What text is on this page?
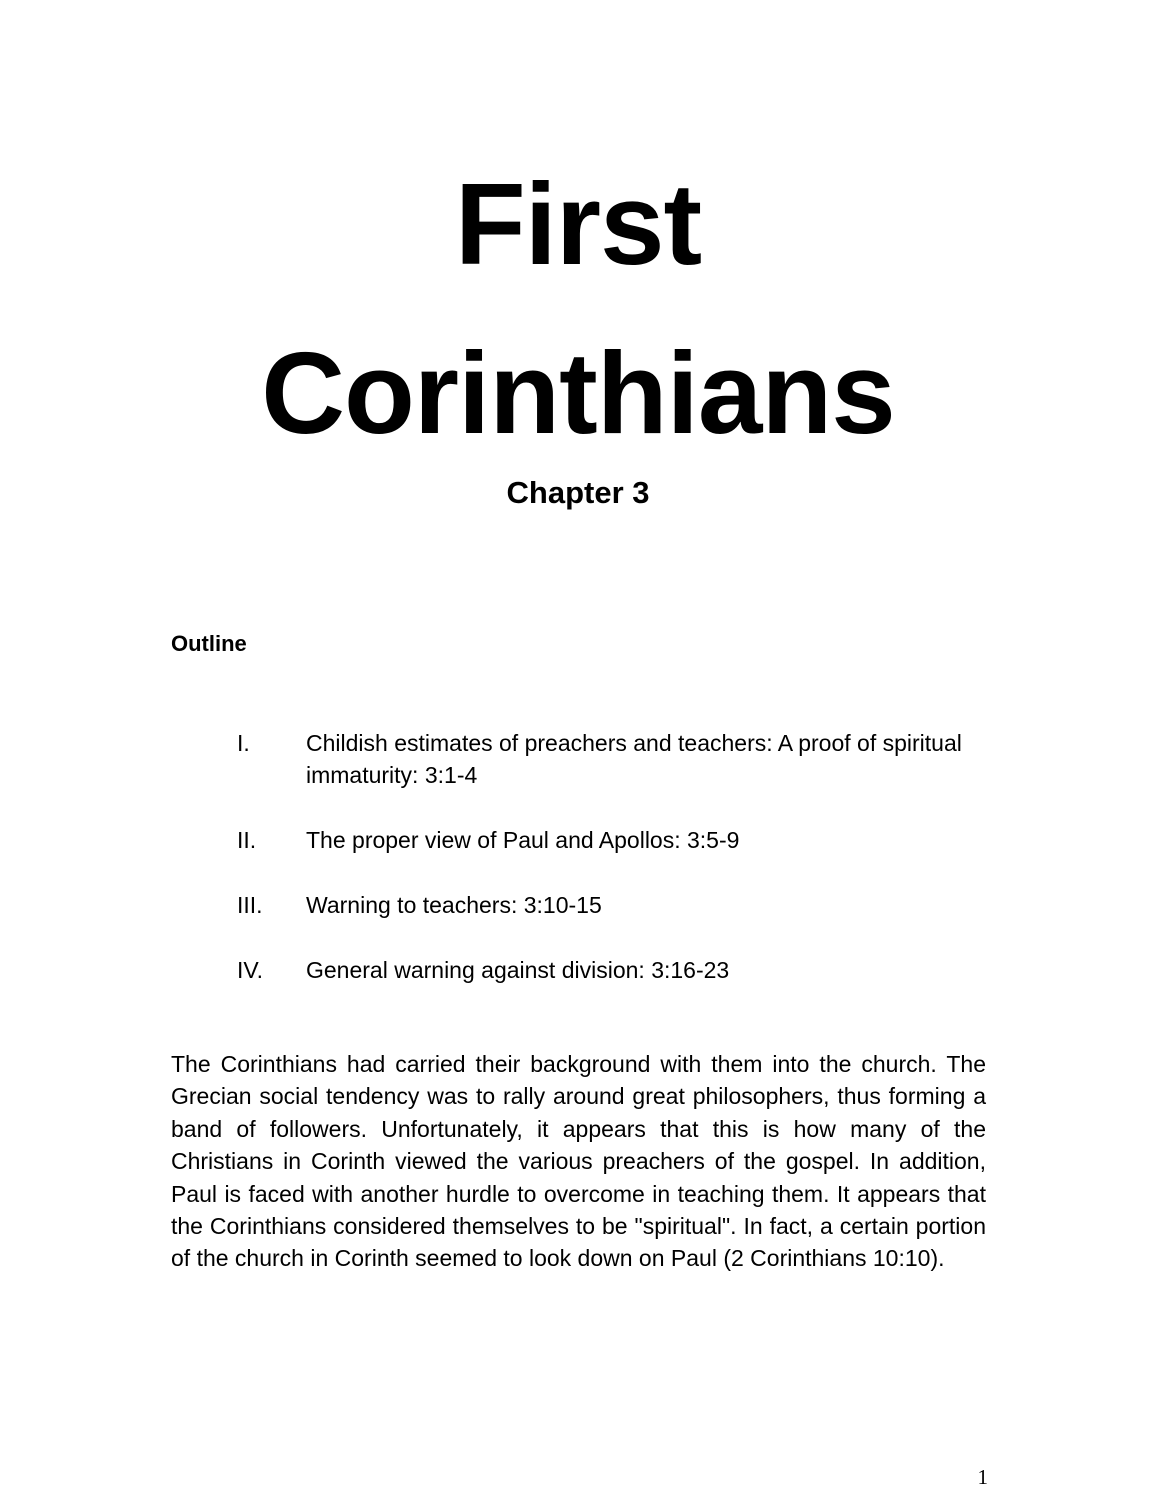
First
Corinthians
Chapter 3
Outline
I.	Childish estimates of preachers and teachers: A proof of spiritual immaturity: 3:1-4
II.	The proper view of Paul and Apollos: 3:5-9
III.	Warning to teachers: 3:10-15
IV.	General warning against division: 3:16-23

The Corinthians had carried their background with them into the church. The Grecian social tendency was to rally around great philosophers, thus forming a band of followers. Unfortunately, it appears that this is how many of the Christians in Corinth viewed the various preachers of the gospel. In addition, Paul is faced with another hurdle to overcome in teaching them. It appears that the Corinthians considered themselves to be "spiritual". In fact, a certain portion of the church in Corinth seemed to look down on Paul (2 Corinthians 10:10).

1
